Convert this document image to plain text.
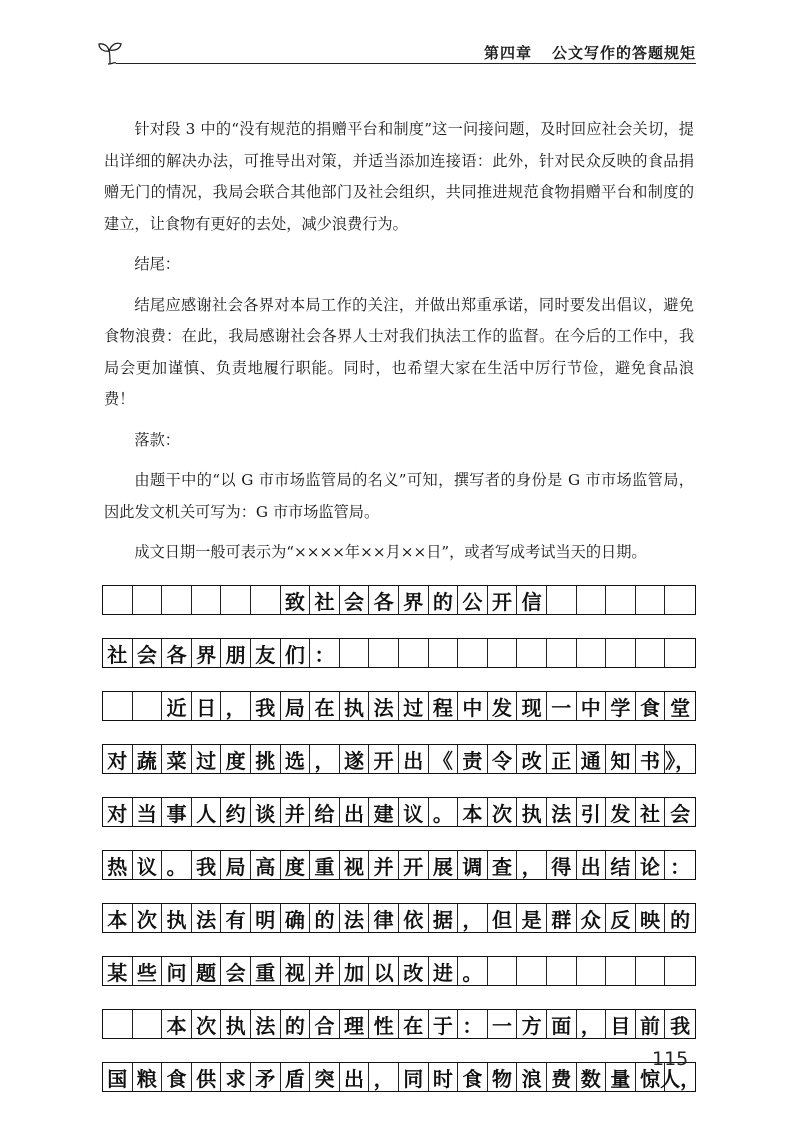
第四章 公文写作的答题规矩

针对段 3 中的“没有规范的捐赠平台和制度”这一问接问题，及时回应社会关切，提出详细的解决办法，可推导出对策，并适当添加连接语：此外，针对民众反映的食品捐赠无门的情况，我局会联合其他部门及社会组织，共同推进规范食物捐赠平台和制度的建立，让食物有更好的去处，减少浪费行为。

结尾：

结尾应感谢社会各界对本局工作的关注，并做出郑重承诺，同时要发出倡议，避免食物浪费：在此，我局感谢社会各界人士对我们执法工作的监督。在今后的工作中，我局会更加谨慎、负责地履行职能。同时，也希望大家在生活中厉行节俭，避免食品浪费！

落款：

由题干中的“以 G 市市场监管局的名义”可知，撰写者的身份是 G 市市场监管局，因此发文机关可写为：G 市市场监管局。

成文日期一般可表示为“××××年××月××日”，或者写成考试当天的日期。

致 社 会 各 界 的 公 开 信
社 会 各 界 朋 友 们 ：
近 日 ， 我 局 在 执 法 过 程 中 发 现 一 中 学 食 堂
对 蔬 菜 过 度 挑 选 ， 遂 开 出 《 责 令 改 正 通 知 书 》，
对 当 事 人 约 谈 并 给 出 建 议 。 本 次 执 法 引 发 社 会
热 议 。 我 局 高 度 重 视 并 开 展 调 查 ， 得 出 结 论 ：
本 次 执 法 有 明 确 的 法 律 依 据 ， 但 是 群 众 反 映 的
某 些 问 题 会 重 视 并 加 以 改 进 。
本 次 执 法 的 合 理 性 在 于 ： 一 方 面 ， 目 前 我
国 粮 食 供 求 矛 盾 突 出 ， 同 时 食 物 浪 费 数 量 惊 人，
115
